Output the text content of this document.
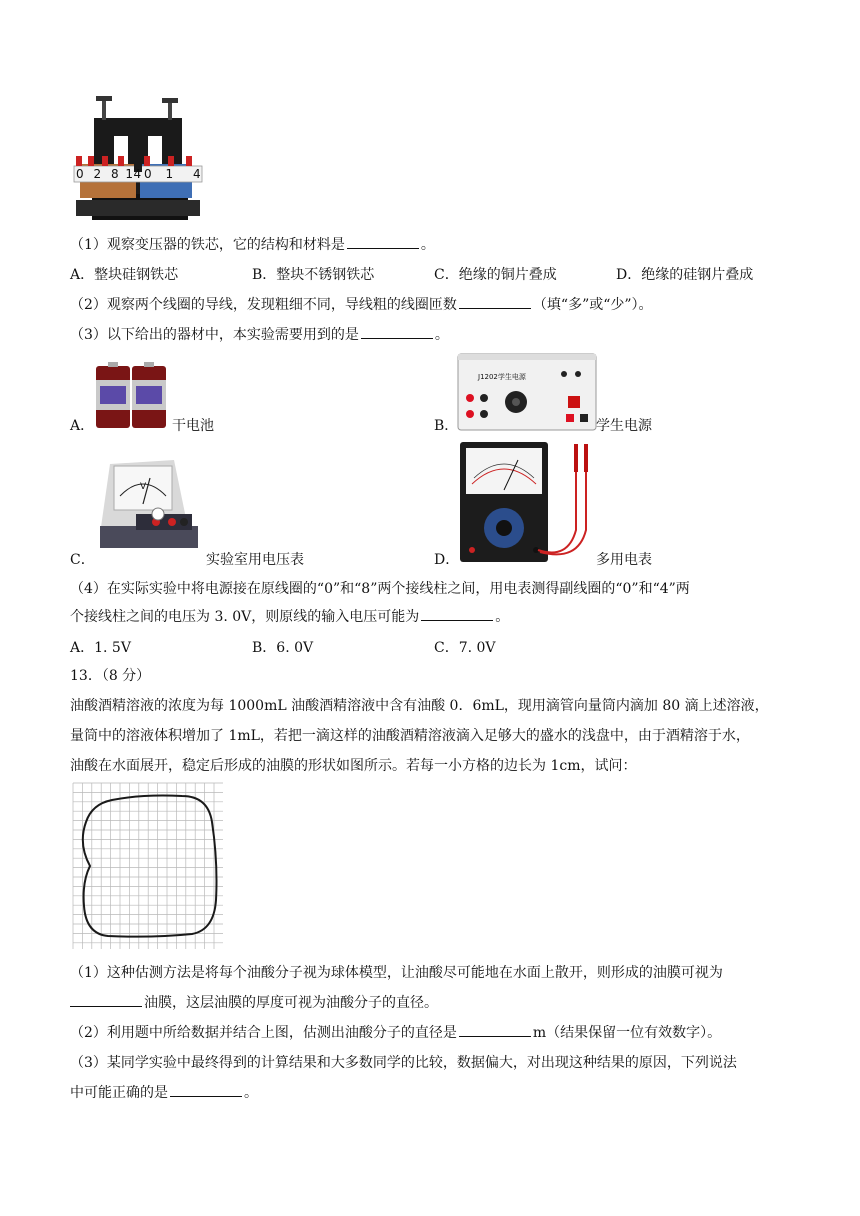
0 2 8 14 0 1 4
（1）观察变压器的铁芯，它的结构和材料是	。
A．整块硅钢铁芯	B．整块不锈钢铁芯	C．绝缘的铜片叠成	D．绝缘的硅钢片叠成
（2）观察两个线圈的导线，发现粗细不同，导线粗的线圈匝数	（填“多”或“少”）。
（3）以下给出的器材中，本实验需要用到的是	。
A．	干电池
J1202学生电源
B．	学生电源
V
C．	实验室用电压表	D．	多用电表
（4）在实际实验中将电源接在原线圈的“0”和“8”两个接线柱之间，用电表测得副线圈的“0”和“4”两
个接线柱之间的电压为 3. 0V，则原线的输入电压可能为	。
A．1. 5V	B．6. 0V	C．7. 0V
13．（8 分）
油酸酒精溶液的浓度为每 1000mL 油酸酒精溶液中含有油酸 0．6mL，现用滴管向量筒内滴加 80 滴上述溶液，
量筒中的溶液体积增加了 1mL，若把一滴这样的油酸酒精溶液滴入足够大的盛水的浅盘中，由于酒精溶于水，
油酸在水面展开，稳定后形成的油膜的形状如图所示。若每一小方格的边长为 1cm，试问：
（1）这种估测方法是将每个油酸分子视为球体模型，让油酸尽可能地在水面上散开，则形成的油膜可视为
油膜，这层油膜的厚度可视为油酸分子的直径。
（2）利用题中所给数据并结合上图，估测出油酸分子的直径是	m（结果保留一位有效数字）。
（3）某同学实验中最终得到的计算结果和大多数同学的比较，数据偏大，对出现这种结果的原因，下列说法
中可能正确的是	。
